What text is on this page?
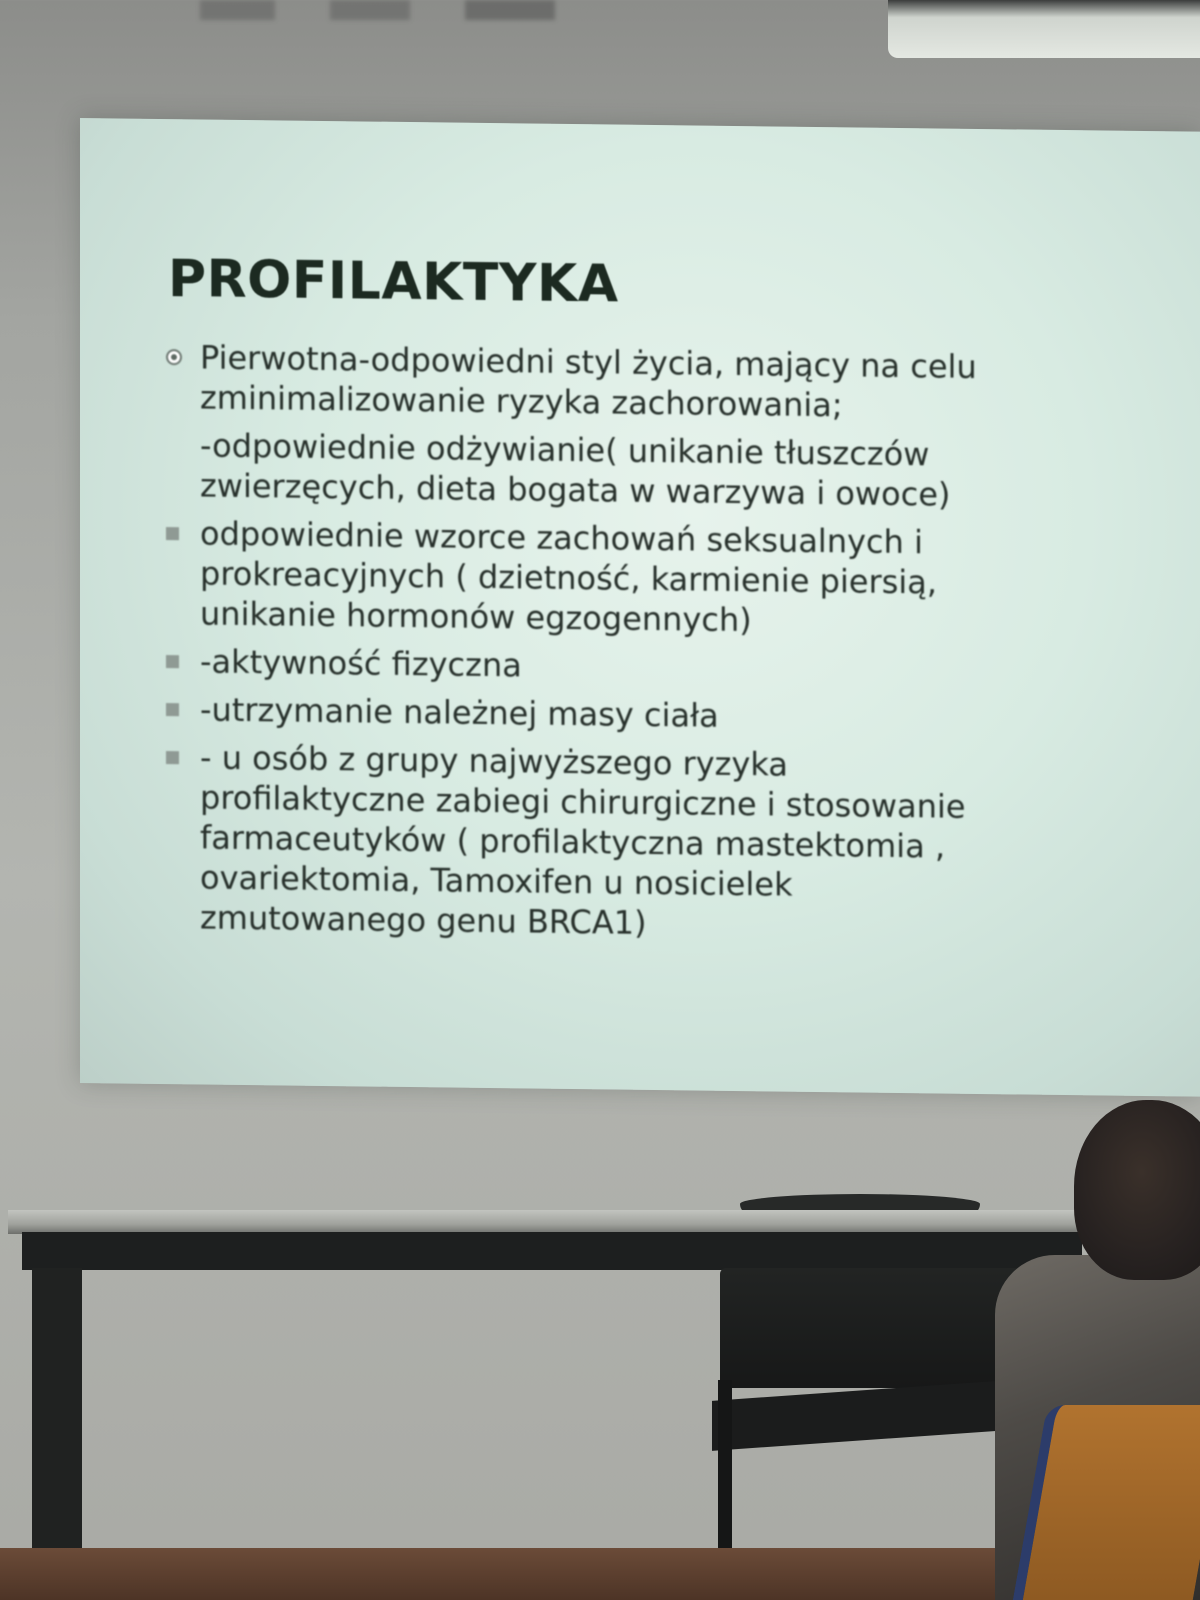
PROFILAKTYKA
Pierwotna-odpowiedni styl życia, mający na celu
zminimalizowanie ryzyka zachorowania;
-odpowiednie odżywianie( unikanie tłuszczów
zwierzęcych, dieta bogata w warzywa i owoce)
odpowiednie wzorce zachowań seksualnych i
prokreacyjnych ( dzietność, karmienie piersią,
unikanie hormonów egzogennych)
-aktywność fizyczna
-utrzymanie należnej masy ciała
- u osób z grupy najwyższego ryzyka
profilaktyczne zabiegi chirurgiczne i stosowanie
farmaceutyków ( profilaktyczna mastektomia ,
ovariektomia, Tamoxifen u nosicielek
zmutowanego genu BRCA1)
